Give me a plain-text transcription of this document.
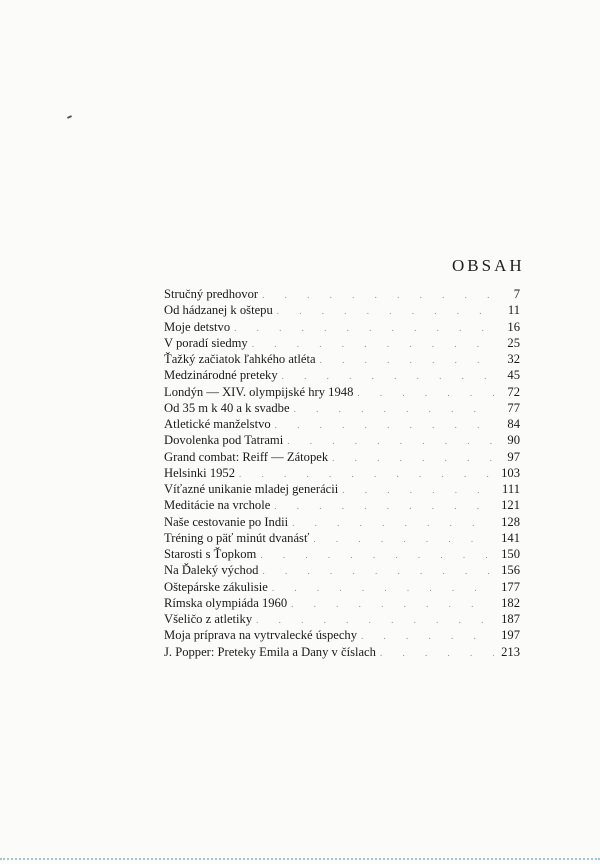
OBSAH
Stručný predhovor . . .	7
Od hádzanej k oštepu . . .	11
Moje detstvo . . .	16
V poradí siedmy . . .	25
Ťažký začiatok ľahkého atléta . . .	32
Medzinárodné preteky . . .	45
Londýn — XIV. olympijské hry 1948 . . .	72
Od 35 m k 40 a k svadbe . . .	77
Atletické manželstvo . . .	84
Dovolenka pod Tatrami . . .	90
Grand combat: Reiff — Zátopek . . .	97
Helsinki 1952 . . .	103
Víťazné unikanie mladej generácii . . .	111
Meditácie na vrchole . . .	121
Naše cestovanie po Indii . . .	128
Tréning o päť minút dvanásť . . .	141
Starosti s Ťopkom . . .	150
Na Ďaleký východ . . .	156
Oštepárske zákulisie . . .	177
Rímska olympiáda 1960 . . .	182
Všeličo z atletiky . . .	187
Moja príprava na vytrvalecké úspechy . . .	197
J. Popper: Preteky Emila a Dany v číslach . . .	213
